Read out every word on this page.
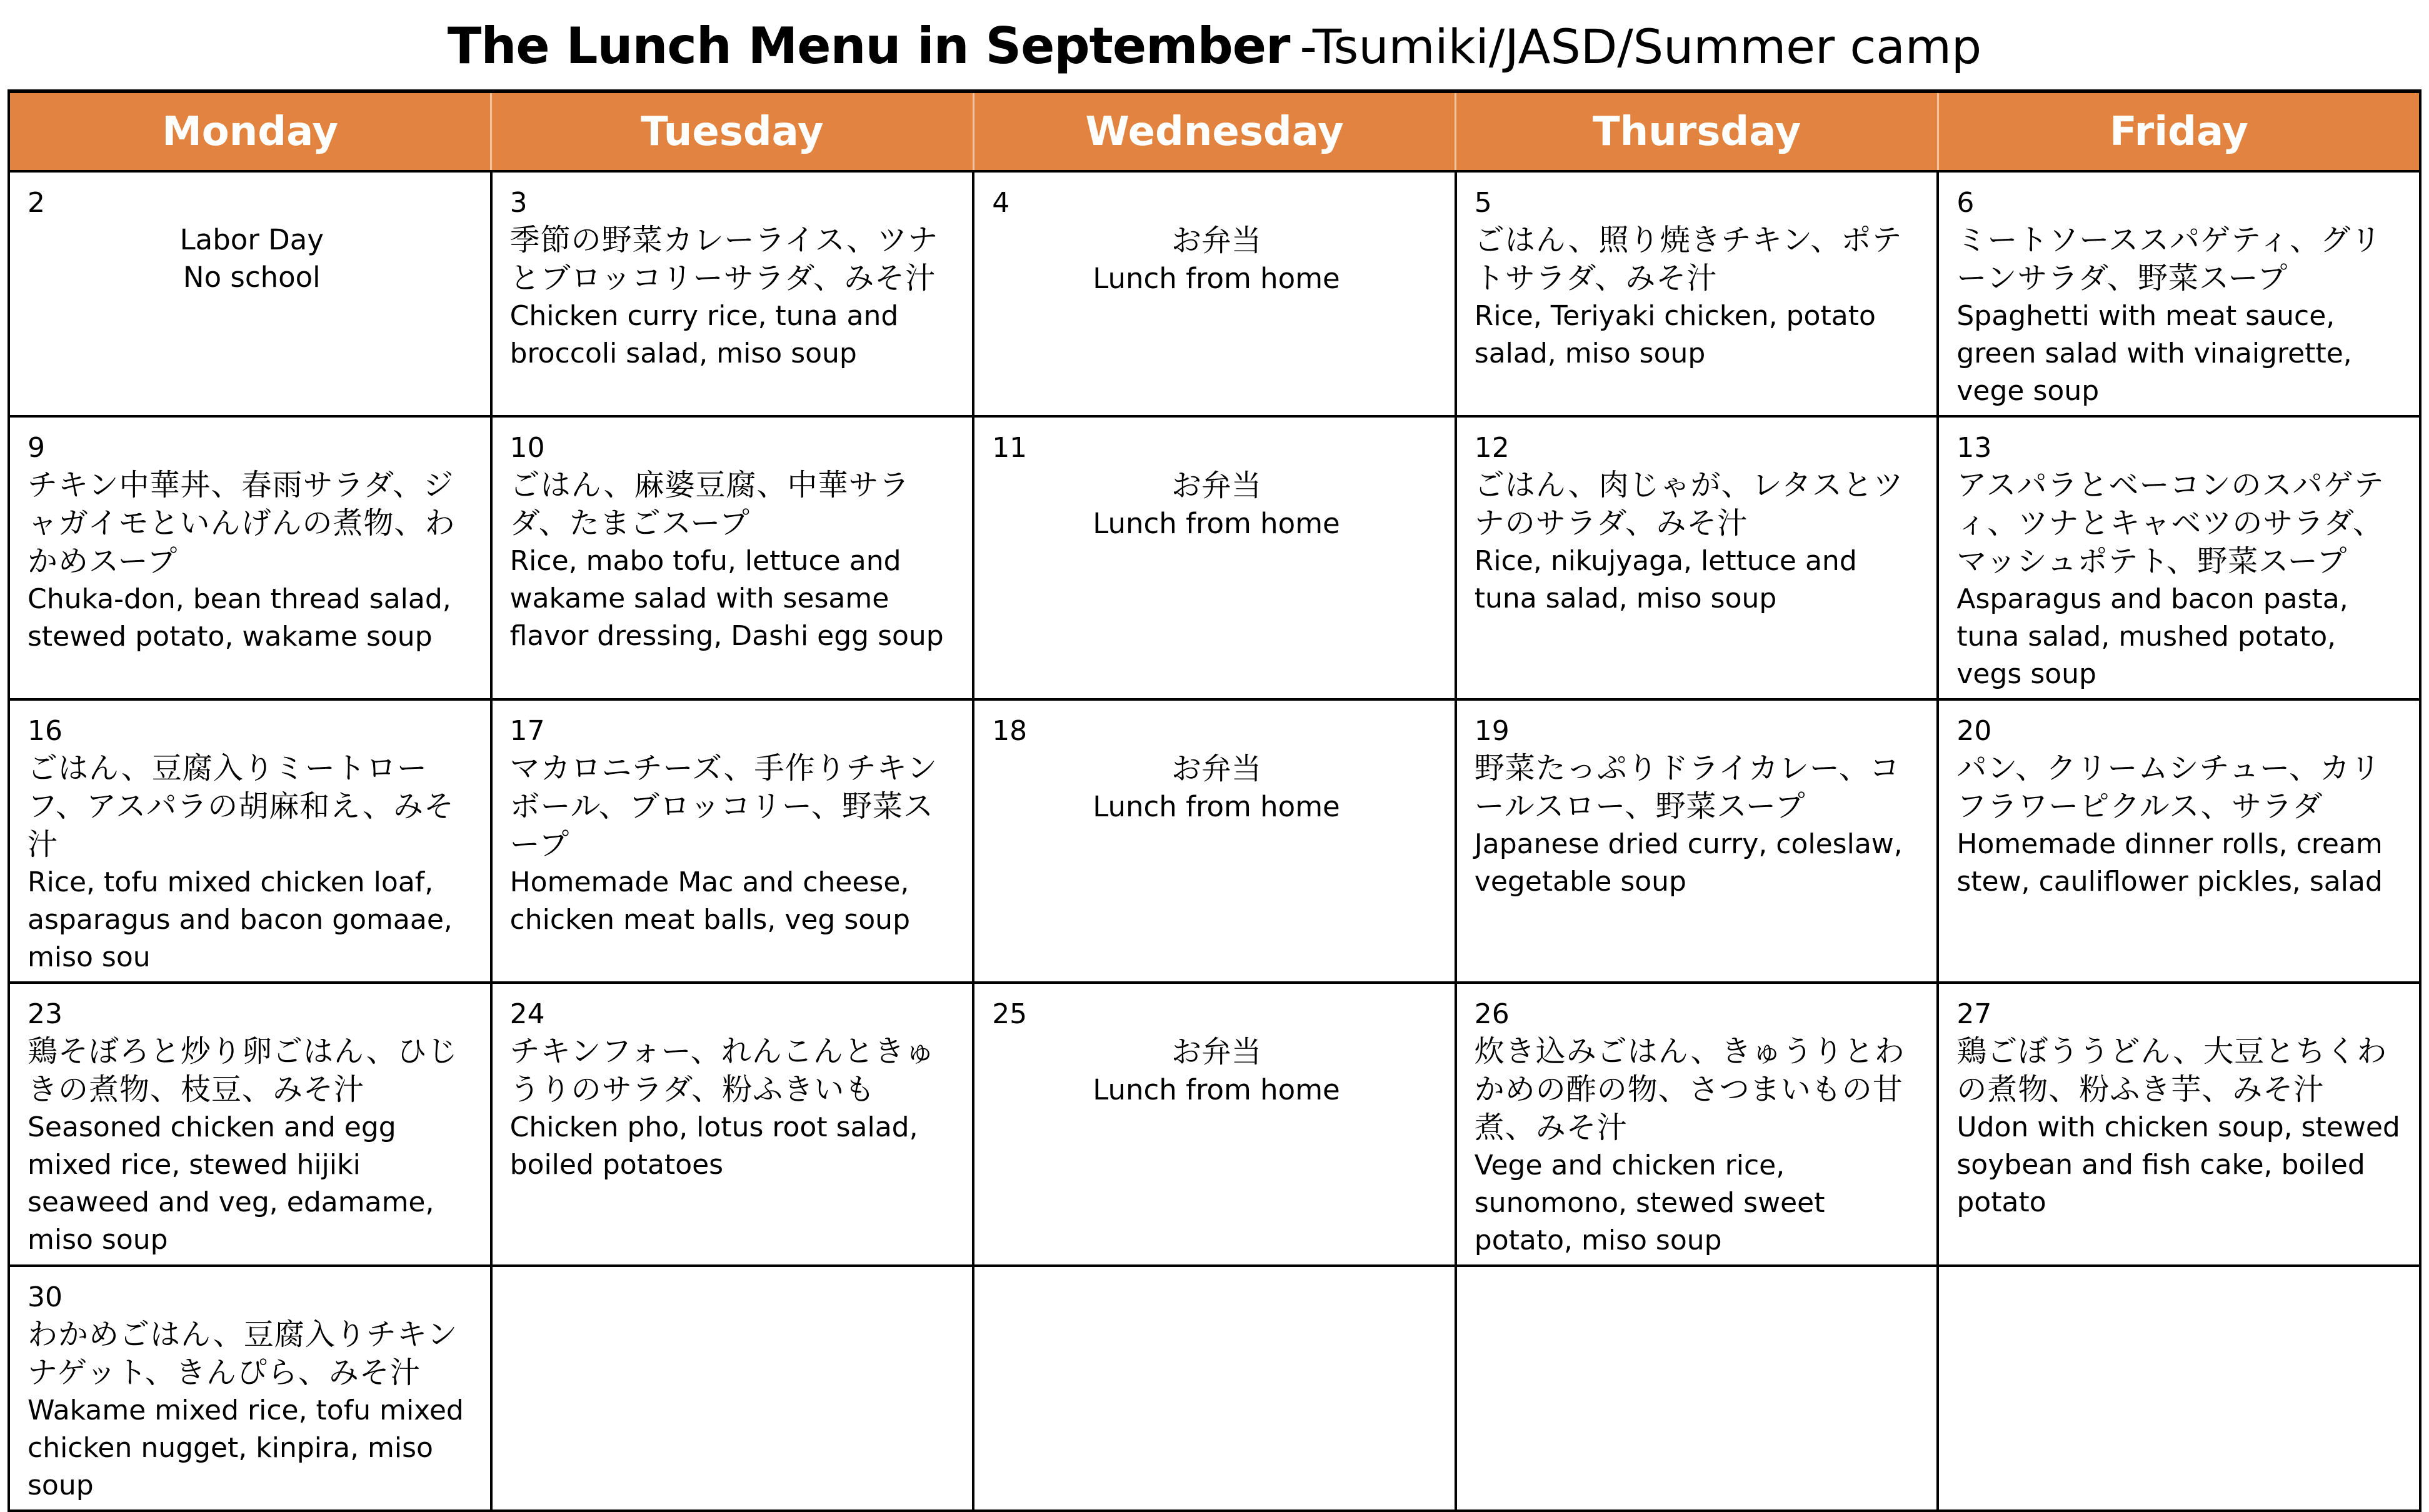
The Lunch Menu in September -Tsumiki/JASD/Summer camp
Monday	Tuesday	Wednesday	Thursday	Friday

2
Labor Day
No school	3
季節の野菜カレーライス、ツナとブロッコリーサラダ、みそ汁
Chicken curry rice, tuna and broccoli salad, miso soup	4
お弁当
Lunch from home	5
ごはん、照り焼きチキン、ポテトサラダ、みそ汁
Rice, Teriyaki chicken, potato salad, miso soup	6
ミートソーススパゲティ、グリーンサラダ、野菜スープ
Spaghetti with meat sauce, green salad with vinaigrette, vege soup

9
チキン中華丼、春雨サラダ、ジャガイモといんげんの煮物、わかめスープ
Chuka-don, bean thread salad, stewed potato, wakame soup	10
ごはん、麻婆豆腐、中華サラダ、たまごスープ
Rice, mabo tofu, lettuce and wakame salad with sesame flavor dressing, Dashi egg soup	11
お弁当
Lunch from home	12
ごはん、肉じゃが、レタスとツナのサラダ、みそ汁
Rice, nikujyaga, lettuce and tuna salad, miso soup	13
アスパラとベーコンのスパゲティ、ツナとキャベツのサラダ、マッシュポテト、野菜スープ
Asparagus and bacon pasta, tuna salad, mushed potato, vegs soup

16
ごはん、豆腐入りミートローフ、アスパラの胡麻和え、みそ汁
Rice, tofu mixed chicken loaf, asparagus and bacon gomaae, miso sou	17
マカロニチーズ、手作りチキンボール、ブロッコリー、野菜スープ
Homemade Mac and cheese, chicken meat balls, veg soup	18
お弁当
Lunch from home	19
野菜たっぷりドライカレー、コールスロー、野菜スープ
Japanese dried curry, coleslaw, vegetable soup	20
パン、クリームシチュー、カリフラワーピクルス、サラダ
Homemade dinner rolls, cream stew, cauliflower pickles, salad

23
鶏そぼろと炒り卵ごはん、ひじきの煮物、枝豆、みそ汁
Seasoned chicken and egg mixed rice, stewed hijiki seaweed and veg, edamame, miso soup	24
チキンフォー、れんこんときゅうりのサラダ、粉ふきいも
Chicken pho, lotus root salad, boiled potatoes	25
お弁当
Lunch from home	26
炊き込みごはん、きゅうりとわかめの酢の物、さつまいもの甘煮、みそ汁
Vege and chicken rice, sunomono, stewed sweet potato, miso soup	27
鶏ごぼううどん、大豆とちくわの煮物、粉ふき芋、みそ汁
Udon with chicken soup, stewed soybean and fish cake, boiled potato

30
わかめごはん、豆腐入りチキンナゲット、きんぴら、みそ汁
Wakame mixed rice, tofu mixed chicken nugget, kinpira, miso soup				
